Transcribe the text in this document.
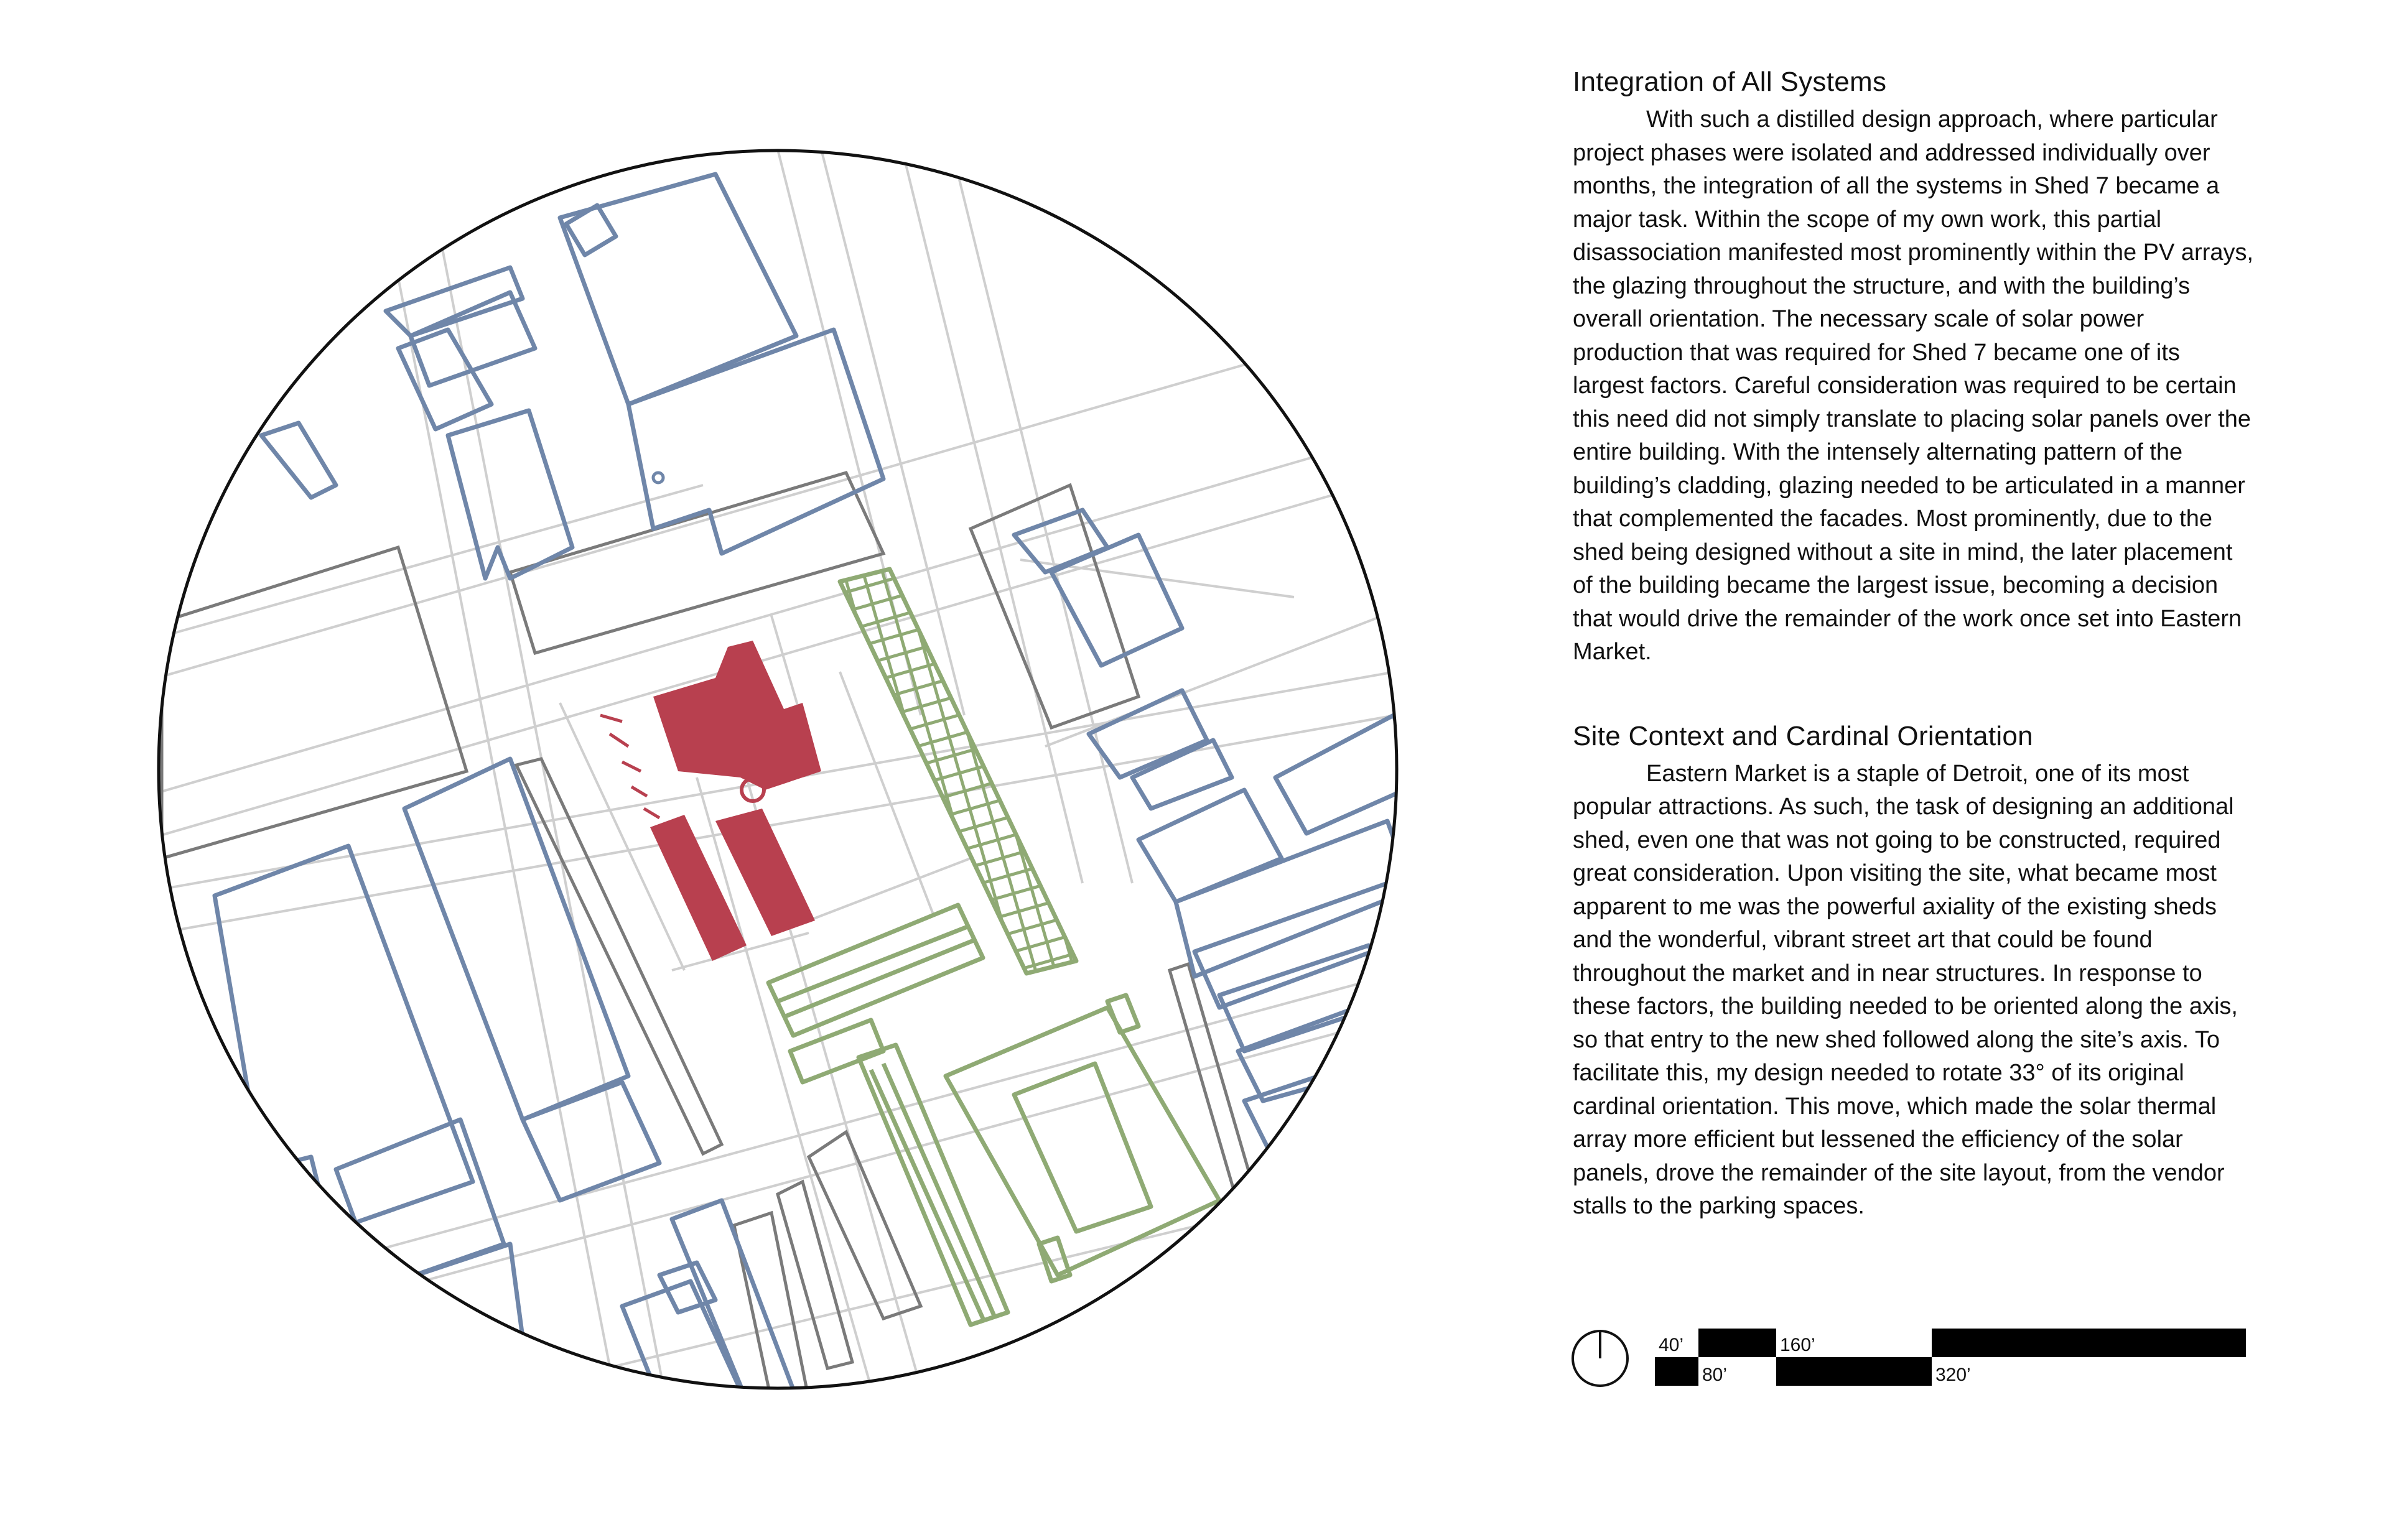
Integration of All Systems

With such a distilled design approach, where particular project phases were isolated and addressed individually over months, the integration of all the systems in Shed 7 became a major task. Within the scope of my own work, this partial disassociation manifested most prominently within the PV arrays, the glazing throughout the structure, and with the building’s overall orientation. The necessary scale of solar power production that was required for Shed 7 became one of its largest factors. Careful consideration was required to be certain this need did not simply translate to placing solar panels over the entire building. With the intensely alternating pattern of the building’s cladding, glazing needed to be articulated in a manner that complemented the facades. Most prominently, due to the shed being designed without a site in mind, the later placement of the building became the largest issue, becoming a decision that would drive the remainder of the work once set into Eastern Market.

Site Context and Cardinal Orientation

Eastern Market is a staple of Detroit, one of its most popular attractions. As such, the task of designing an additional shed, even one that was not going to be constructed, required great consideration. Upon visiting the site, what became most apparent to me was the powerful axiality of the existing sheds and the wonderful, vibrant street art that could be found throughout the market and in near structures. In response to these factors, the building needed to be oriented along the axis, so that entry to the new shed followed along the site’s axis. To facilitate this, my design needed to rotate 33° of its original cardinal orientation. This move, which made the solar thermal array more efficient but lessened the efficiency of the solar panels, drove the remainder of the site layout, from the vendor stalls to the parking spaces.

40’	160’
80’	320’
